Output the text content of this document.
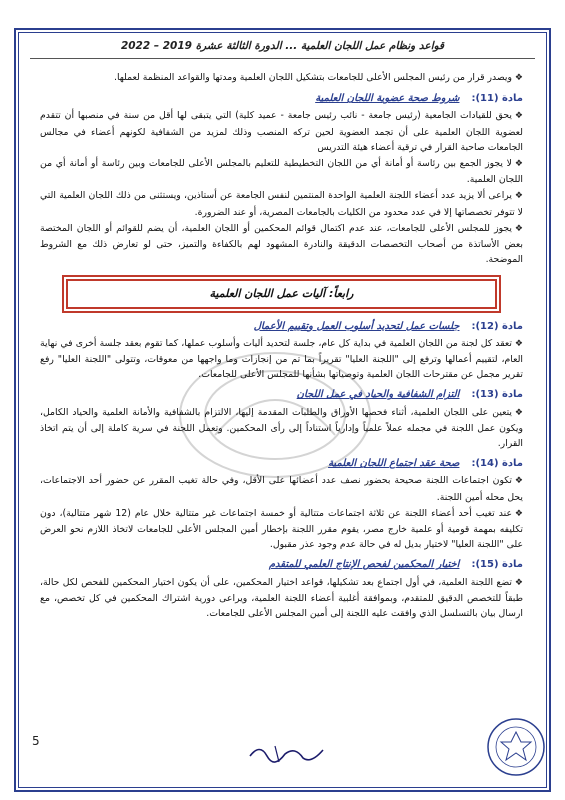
قواعد ونظام عمل اللجان العلمية ... الدورة الثالثة عشرة 2019 – 2022

❖ويصدر قرار من رئيس المجلس الأعلى للجامعات بتشكيل اللجان العلمية ومدتها والقواعد المنظمة لعملها.

مادة (11):
شروط صحة عضوية اللجان العلمية

❖يحق للقيادات الجامعية (رئيس جامعة - نائب رئيس جامعة - عميد كلية) التي يتبقى لها أقل من سنة في منصبها أن تتقدم لعضوية اللجان العلمية على أن تجمد العضوية لحين تركه المنصب وذلك لمزيد من الشفافية لكونهم أعضاء في مجالس الجامعات صاحبة القرار في ترقية أعضاء هيئة التدريس

❖لا يجوز الجمع بين رئاسة أو أمانة أي من اللجان التخطيطية للتعليم بالمجلس الأعلى للجامعات وبين رئاسة أو أمانة أي من اللجان العلمية.

❖يراعى ألا يزيد عدد أعضاء اللجنة العلمية الواحدة المنتمين لنفس الجامعة عن أستاذين، ويستثنى من ذلك اللجان العلمية التي لا تتوفر تخصصاتها إلا في عدد محدود من الكليات بالجامعات المصرية، أو عند الضرورة.

❖يجوز للمجلس الأعلى للجامعات، عند عدم اكتمال قوائم المحكمين أو اللجان العلمية، أن يضم للقوائم أو اللجان المختصة بعض الأساتذة من أصحاب التخصصات الدقيقة والنادرة المشهود لهم بالكفاءة والتميز، حتى لو تعارض ذلك مع الشروط الموضحة.

رابعاً: آليات عمل اللجان العلمية
مادة (12):
جلسات عمل لتحديد أسلوب العمل وتقييم الأعمال

❖تعقد كل لجنة من اللجان العلمية في بداية كل عام، جلسة لتحديد أليات وأسلوب عملها، كما تقوم بعقد جلسة أخرى في نهاية العام، لتقييم أعمالها وترفع إلى "اللجنة العليا" تقريراً بما تم من إنجازات وما واجهها من معوقات، وتتولى "اللجنة العليا" رفع تقرير مجمل عن مقترحات اللجان العلمية وتوصياتها بشأنها للمجلس الأعلى للجامعات.

مادة (13):
التزام الشفافية والحياد في عمل اللجان

❖يتعين على اللجان العلمية، أثناء فحصها الأوراق والطلبات المقدمة إليها، الالتزام بالشفافية والأمانة العلمية والحياد الكامل، ويكون عمل اللجنة في مجمله عملاً علمياً وإدارياً استناداً إلى رأى المحكمين. وتعمل اللجنة في سرية كاملة إلى أن يتم اتخاذ القرار.

مادة (14):
صحة عقد اجتماع اللجان العلمية

❖تكون اجتماعات اللجنة صحيحة بحضور نصف عدد أعضائها على الأقل، وفي حالة تغيب المقرر عن حضور أحد الاجتماعات، يحل محله أمين اللجنة.

❖عند تغيب أحد أعضاء اللجنة عن ثلاثة اجتماعات متتالية أو خمسة اجتماعات غير متتالية خلال عام (12 شهر متتالية)، دون تكليفه بمهمة قومية أو علمية خارج مصر، يقوم مقرر اللجنة بإخطار أمين المجلس الأعلى للجامعات لاتخاذ اللازم نحو العرض على "اللجنة العليا" لاختيار بديل له في حالة عدم وجود عذر مقبول.

مادة (15):
اختيار المحكمين لفحص الإنتاج العلمي للمتقدم

❖تضع اللجنة العلمية، في أول اجتماع بعد تشكيلها، قواعد اختيار المحكمين، على أن يكون اختيار المحكمين للفحص لكل حالة، طبقاً للتخصص الدقيق للمتقدم، وبموافقة أغلبية أعضاء اللجنة العلمية، ويراعى دورية اشتراك المحكمين في كل تخصص، مع ارسال بيان بالتسلسل الذي وافقت عليه اللجنة إلى أمين المجلس الأعلى للجامعات.

5
